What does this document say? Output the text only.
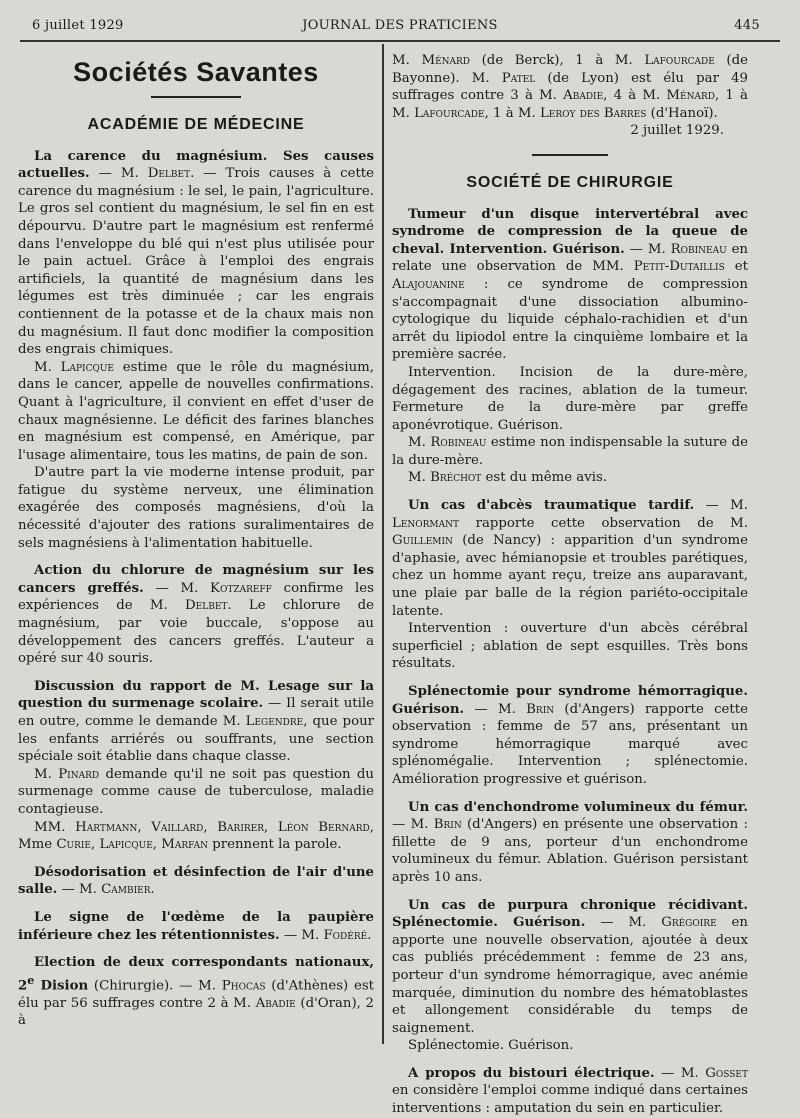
6 juillet 1929	JOURNAL DES PRATICIENS	445
Sociétés Savantes
ACADÉMIE DE MÉDECINE

La carence du magnésium. Ses causes actuelles. — M. Delbet. — Trois causes à cette carence du magnésium : le sel, le pain, l'agriculture. Le gros sel contient du magnésium, le sel fin en est dépourvu. D'autre part le magnésium est renfermé dans l'enveloppe du blé qui n'est plus utilisée pour le pain actuel. Grâce à l'emploi des engrais artificiels, la quantité de magnésium dans les légumes est très diminuée ; car les engrais contiennent de la potasse et de la chaux mais non du magnésium. Il faut donc modifier la composition des engrais chimiques.

M. Lapicque estime que le rôle du magnésium, dans le cancer, appelle de nouvelles confirmations. Quant à l'agriculture, il convient en effet d'user de chaux magnésienne. Le déficit des farines blanches en magnésium est compensé, en Amérique, par l'usage alimentaire, tous les matins, de pain de son.

D'autre part la vie moderne intense produit, par fatigue du système nerveux, une élimination exagérée des composés magnésiens, d'où la nécessité d'ajouter des rations suralimentaires de sels magnésiens à l'alimentation habituelle.

Action du chlorure de magnésium sur les cancers greffés. — M. Kotzareff confirme les expériences de M. Delbet. Le chlorure de magnésium, par voie buccale, s'oppose au développement des cancers greffés. L'auteur a opéré sur 40 souris.

Discussion du rapport de M. Lesage sur la question du surmenage scolaire. — Il serait utile en outre, comme le demande M. Legendre, que pour les enfants arriérés ou souffrants, une section spéciale soit établie dans chaque classe.

M. Pinard demande qu'il ne soit pas question du surmenage comme cause de tuberculose, maladie contagieuse.

MM. Hartmann, Vaillard, Barirer, Léon Bernard, Mme Curie, Lapicque, Marfan prennent la parole.

Désodorisation et désinfection de l'air d'une salle. — M. Cambier.

Le signe de l'œdème de la paupière inférieure chez les rétentionnistes. — M. Fodéré.

Election de deux correspondants nationaux, 2e Dision (Chirurgie). — M. Phocas (d'Athènes) est élu par 56 suffrages contre 2 à M. Abadie (d'Oran), 2 à

M. Ménard (de Berck), 1 à M. Lafourcade (de Bayonne). M. Patel (de Lyon) est élu par 49 suffrages contre 3 à M. Abadie, 4 à M. Ménard, 1 à M. Lafourcade, 1 à M. Leroy des Barres (d'Hanoï).

2 juillet 1929.

SOCIÉTÉ DE CHIRURGIE

Tumeur d'un disque intervertébral avec syndrome de compression de la queue de cheval. Intervention. Guérison. — M. Robineau en relate une observation de MM. Petit-Dutaillis et Alajouanine : ce syndrome de compression s'accompagnait d'une dissociation albumino-cytologique du liquide céphalo-rachidien et d'un arrêt du lipiodol entre la cinquième lombaire et la première sacrée.

Intervention. Incision de la dure-mère, dégagement des racines, ablation de la tumeur. Fermeture de la dure-mère par greffe aponévrotique. Guérison.

M. Robineau estime non indispensable la suture de la dure-mère.

M. Bréchot est du même avis.

Un cas d'abcès traumatique tardif. — M. Lenormant rapporte cette observation de M. Guillemin (de Nancy) : apparition d'un syndrome d'aphasie, avec hémianopsie et troubles parétiques, chez un homme ayant reçu, treize ans auparavant, une plaie par balle de la région pariéto-occipitale latente.

Intervention : ouverture d'un abcès cérébral superficiel ; ablation de sept esquilles. Très bons résultats.

Splénectomie pour syndrome hémorragique. Guérison. — M. Brin (d'Angers) rapporte cette observation : femme de 57 ans, présentant un syndrome hémorragique marqué avec splénomégalie. Intervention ; splénectomie. Amélioration progressive et guérison.

Un cas d'enchondrome volumineux du fémur. — M. Brin (d'Angers) en présente une observation : fillette de 9 ans, porteur d'un enchondrome volumineux du fémur. Ablation. Guérison persistant après 10 ans.

Un cas de purpura chronique récidivant. Splénectomie. Guérison. — M. Grégoire en apporte une nouvelle observation, ajoutée à deux cas publiés précédemment : femme de 23 ans, porteur d'un syndrome hémorragique, avec anémie marquée, diminution du nombre des hématoblastes et allongement considérable du temps de saignement.

Splénectomie. Guérison.

A propos du bistouri électrique. — M. Gosset en considère l'emploi comme indiqué dans certaines interventions : amputation du sein en particulier.
